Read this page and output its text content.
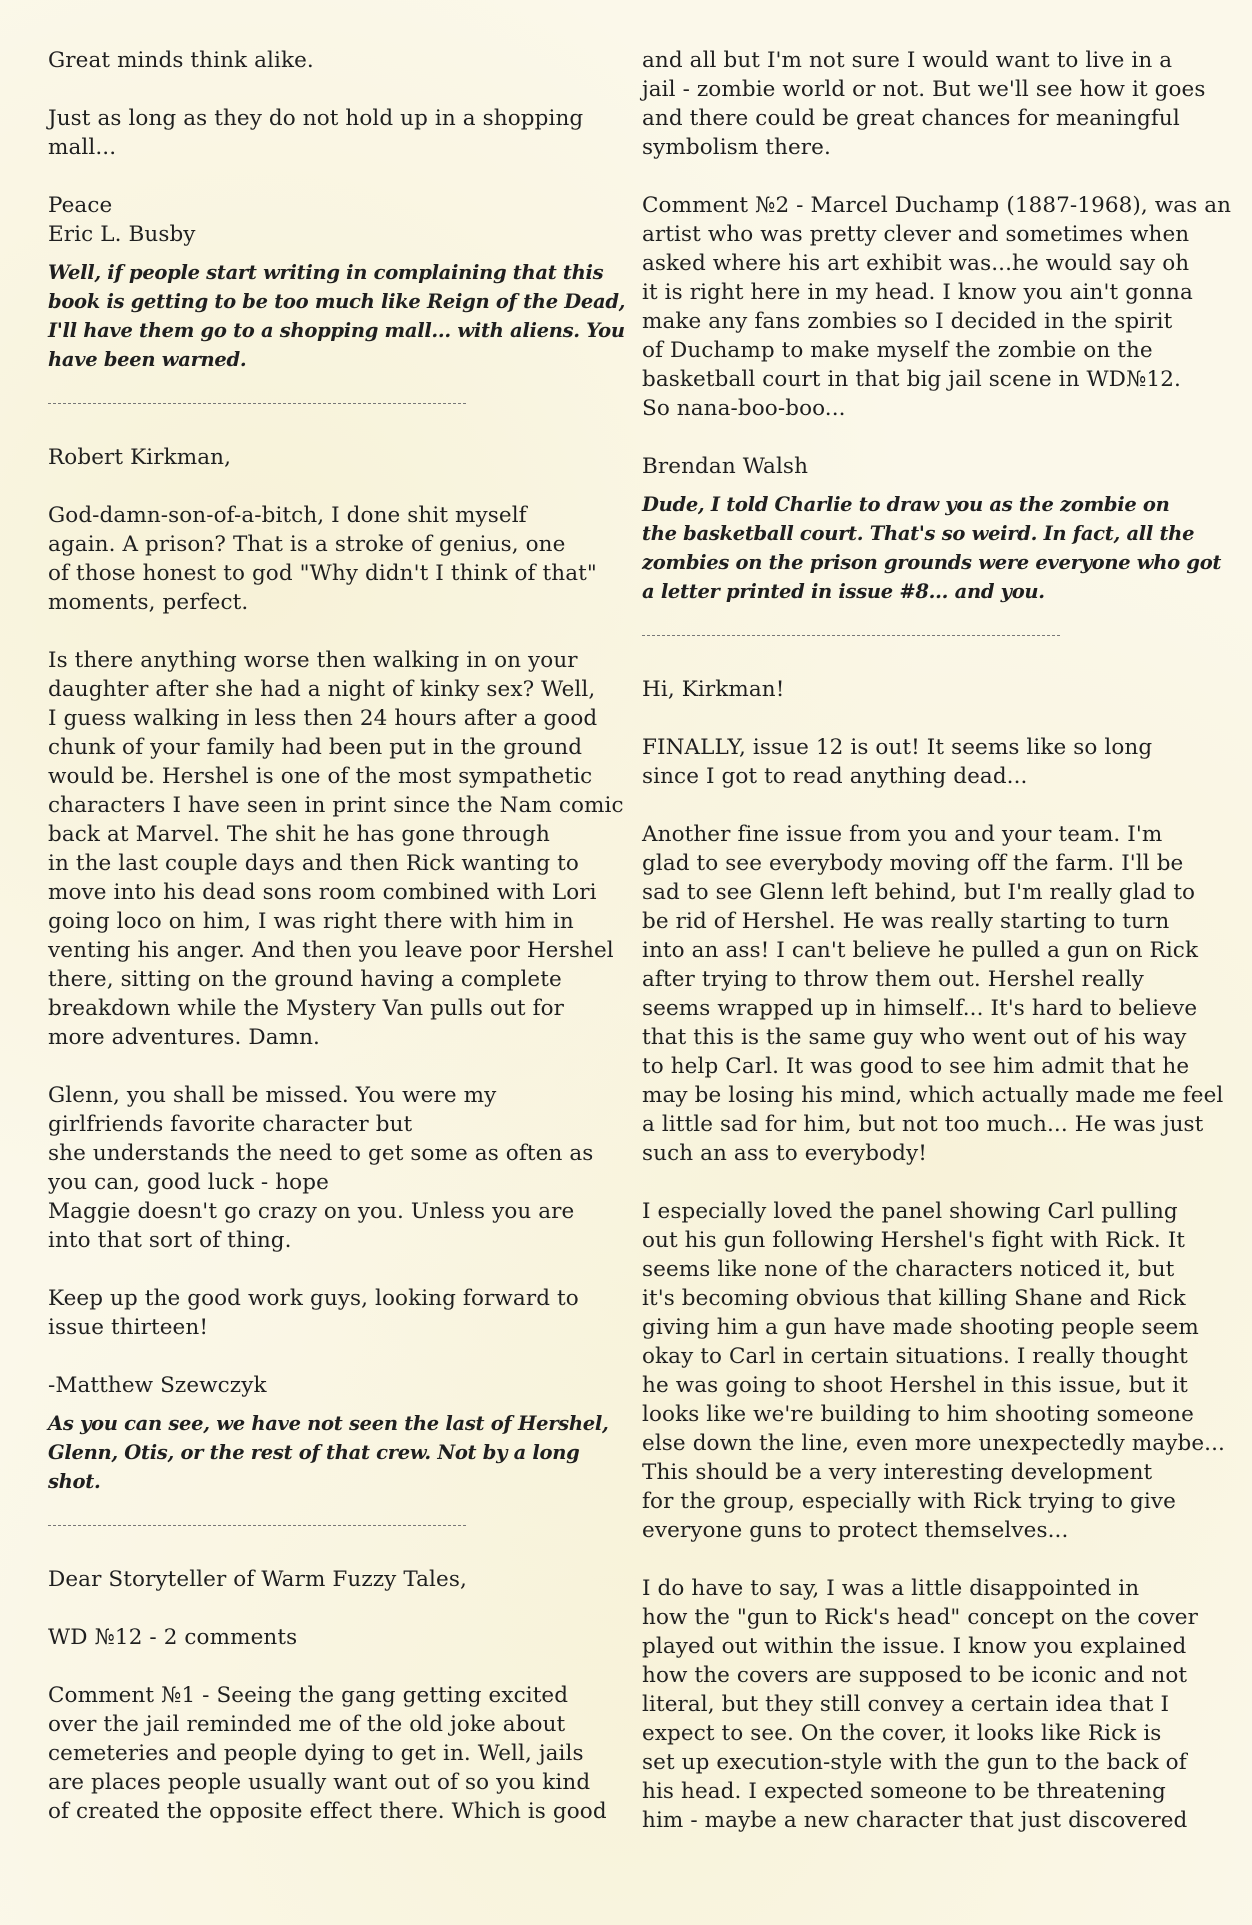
Great minds think alike.

Just as long as they do not hold up in a shopping
mall...

Peace
Eric L. Busby

Well, if people start writing in complaining that this
book is getting to be too much like Reign of the Dead,
I'll have them go to a shopping mall... with aliens. You
have been warned.

Robert Kirkman,

God-damn-son-of-a-bitch, I done shit myself
again. A prison? That is a stroke of genius, one
of those honest to god "Why didn't I think of that"
moments, perfect.

Is there anything worse then walking in on your
daughter after she had a night of kinky sex? Well,
I guess walking in less then 24 hours after a good
chunk of your family had been put in the ground
would be. Hershel is one of the most sympathetic
characters I have seen in print since the Nam comic
back at Marvel. The shit he has gone through
in the last couple days and then Rick wanting to
move into his dead sons room combined with Lori
going loco on him, I was right there with him in
venting his anger. And then you leave poor Hershel
there, sitting on the ground having a complete
breakdown while the Mystery Van pulls out for
more adventures. Damn.

Glenn, you shall be missed. You were my
girlfriends favorite character but
she understands the need to get some as often as
you can, good luck - hope
Maggie doesn't go crazy on you. Unless you are
into that sort of thing.

Keep up the good work guys, looking forward to
issue thirteen!

-Matthew Szewczyk

As you can see, we have not seen the last of Hershel,
Glenn, Otis, or the rest of that crew. Not by a long shot.

Dear Storyteller of Warm Fuzzy Tales,

WD №12 - 2 comments

Comment №1 - Seeing the gang getting excited
over the jail reminded me of the old joke about
cemeteries and people dying to get in. Well, jails
are places people usually want out of so you kind
of created the opposite effect there. Which is good

and all but I'm not sure I would want to live in a
jail - zombie world or not. But we'll see how it goes
and there could be great chances for meaningful
symbolism there.

Comment №2 - Marcel Duchamp (1887-1968), was an
artist who was pretty clever and sometimes when
asked where his art exhibit was...he would say oh
it is right here in my head. I know you ain't gonna
make any fans zombies so I decided in the spirit
of Duchamp to make myself the zombie on the
basketball court in that big jail scene in WD№12.
So nana-boo-boo...

Brendan Walsh

Dude, I told Charlie to draw you as the zombie on
the basketball court. That's so weird. In fact, all the
zombies on the prison grounds were everyone who got
a letter printed in issue #8... and you.

Hi, Kirkman!

FINALLY, issue 12 is out! It seems like so long
since I got to read anything dead...

Another fine issue from you and your team. I'm
glad to see everybody moving off the farm. I'll be
sad to see Glenn left behind, but I'm really glad to
be rid of Hershel. He was really starting to turn
into an ass! I can't believe he pulled a gun on Rick
after trying to throw them out. Hershel really
seems wrapped up in himself... It's hard to believe
that this is the same guy who went out of his way
to help Carl. It was good to see him admit that he
may be losing his mind, which actually made me feel
a little sad for him, but not too much... He was just
such an ass to everybody!

I especially loved the panel showing Carl pulling
out his gun following Hershel's fight with Rick. It
seems like none of the characters noticed it, but
it's becoming obvious that killing Shane and Rick
giving him a gun have made shooting people seem
okay to Carl in certain situations. I really thought
he was going to shoot Hershel in this issue, but it
looks like we're building to him shooting someone
else down the line, even more unexpectedly maybe...
This should be a very interesting development
for the group, especially with Rick trying to give
everyone guns to protect themselves...

I do have to say, I was a little disappointed in
how the "gun to Rick's head" concept on the cover
played out within the issue. I know you explained
how the covers are supposed to be iconic and not
literal, but they still convey a certain idea that I
expect to see. On the cover, it looks like Rick is
set up execution-style with the gun to the back of
his head. I expected someone to be threatening
him - maybe a new character that just discovered
